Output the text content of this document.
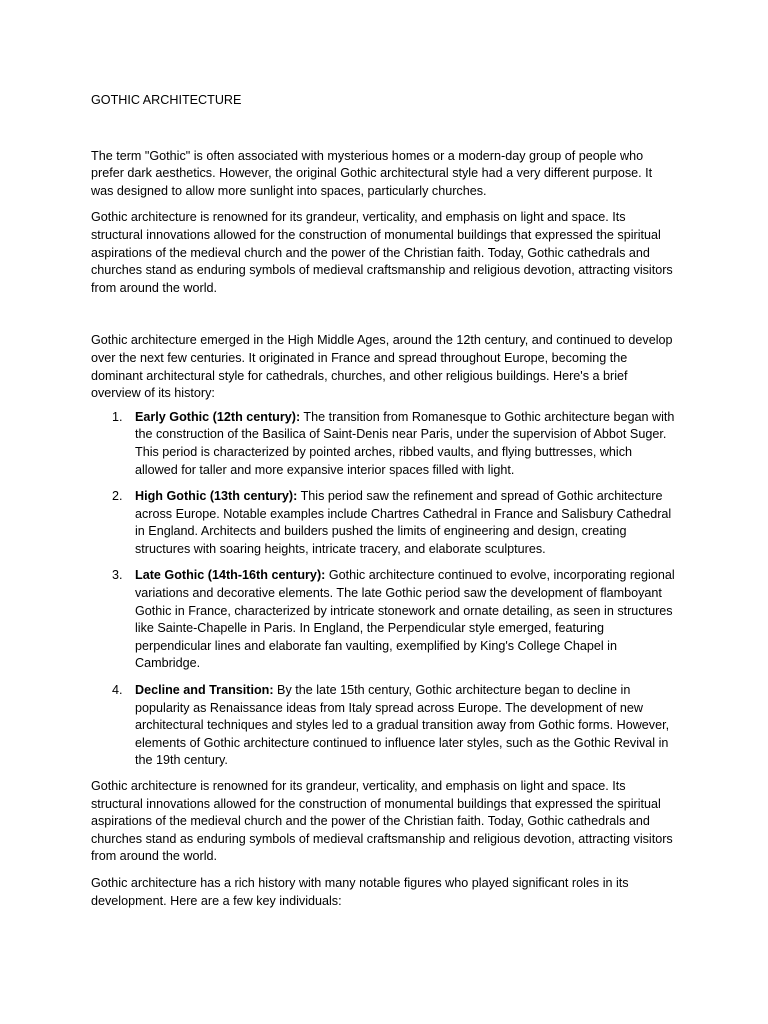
GOTHIC ARCHITECTURE

The term "Gothic" is often associated with mysterious homes or a modern-day group of people who prefer dark aesthetics. However, the original Gothic architectural style had a very different purpose. It was designed to allow more sunlight into spaces, particularly churches.

Gothic architecture is renowned for its grandeur, verticality, and emphasis on light and space. Its structural innovations allowed for the construction of monumental buildings that expressed the spiritual aspirations of the medieval church and the power of the Christian faith. Today, Gothic cathedrals and churches stand as enduring symbols of medieval craftsmanship and religious devotion, attracting visitors from around the world.

Gothic architecture emerged in the High Middle Ages, around the 12th century, and continued to develop over the next few centuries. It originated in France and spread throughout Europe, becoming the dominant architectural style for cathedrals, churches, and other religious buildings. Here's a brief overview of its history:

1. Early Gothic (12th century): The transition from Romanesque to Gothic architecture began with the construction of the Basilica of Saint-Denis near Paris, under the supervision of Abbot Suger. This period is characterized by pointed arches, ribbed vaults, and flying buttresses, which allowed for taller and more expansive interior spaces filled with light.
2. High Gothic (13th century): This period saw the refinement and spread of Gothic architecture across Europe. Notable examples include Chartres Cathedral in France and Salisbury Cathedral in England. Architects and builders pushed the limits of engineering and design, creating structures with soaring heights, intricate tracery, and elaborate sculptures.
3. Late Gothic (14th-16th century): Gothic architecture continued to evolve, incorporating regional variations and decorative elements. The late Gothic period saw the development of flamboyant Gothic in France, characterized by intricate stonework and ornate detailing, as seen in structures like Sainte-Chapelle in Paris. In England, the Perpendicular style emerged, featuring perpendicular lines and elaborate fan vaulting, exemplified by King's College Chapel in Cambridge.
4. Decline and Transition: By the late 15th century, Gothic architecture began to decline in popularity as Renaissance ideas from Italy spread across Europe. The development of new architectural techniques and styles led to a gradual transition away from Gothic forms. However, elements of Gothic architecture continued to influence later styles, such as the Gothic Revival in the 19th century.

Gothic architecture is renowned for its grandeur, verticality, and emphasis on light and space. Its structural innovations allowed for the construction of monumental buildings that expressed the spiritual aspirations of the medieval church and the power of the Christian faith. Today, Gothic cathedrals and churches stand as enduring symbols of medieval craftsmanship and religious devotion, attracting visitors from around the world.

Gothic architecture has a rich history with many notable figures who played significant roles in its development. Here are a few key individuals:
